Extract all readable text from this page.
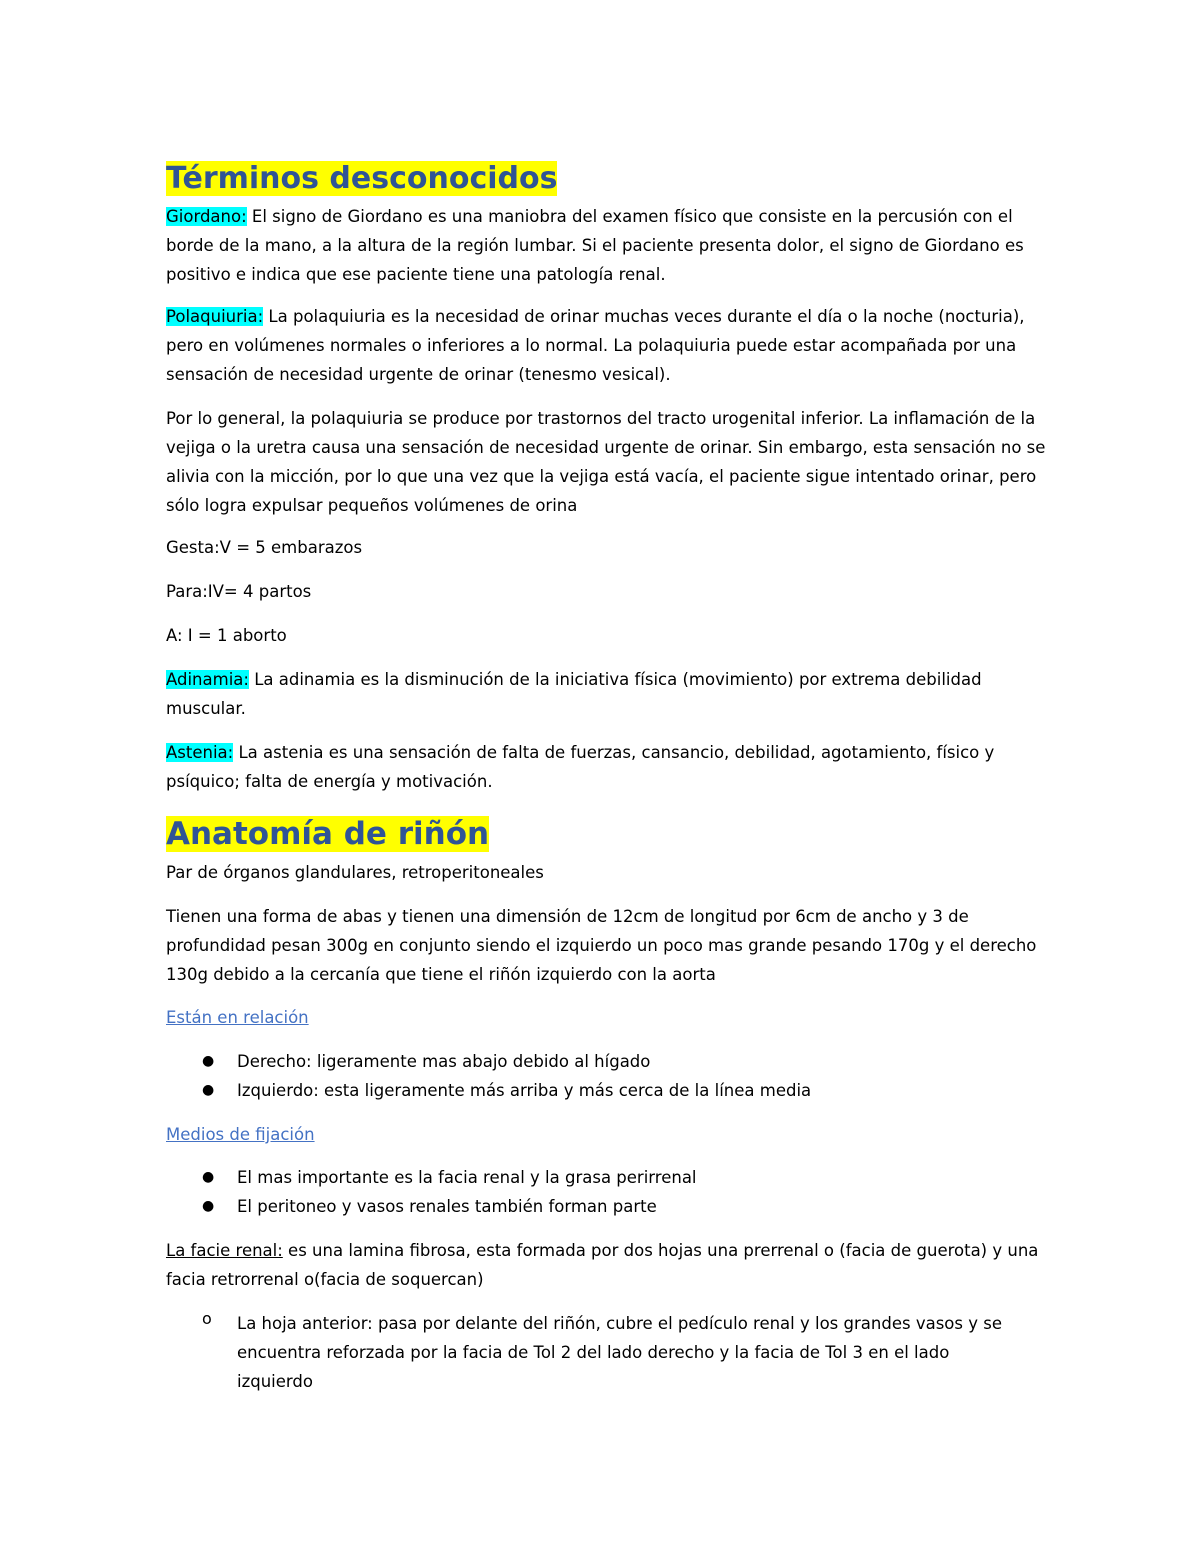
Términos desconocidos
Giordano: El signo de Giordano es una maniobra del examen físico que consiste en la percusión con el borde de la mano, a la altura de la región lumbar. Si el paciente presenta dolor, el signo de Giordano es positivo e indica que ese paciente tiene una patología renal.
Polaquiuria: La polaquiuria es la necesidad de orinar muchas veces durante el día o la noche (nocturia), pero en volúmenes normales o inferiores a lo normal. La polaquiuria puede estar acompañada por una sensación de necesidad urgente de orinar (tenesmo vesical).
Por lo general, la polaquiuria se produce por trastornos del tracto urogenital inferior. La inflamación de la vejiga o la uretra causa una sensación de necesidad urgente de orinar. Sin embargo, esta sensación no se alivia con la micción, por lo que una vez que la vejiga está vacía, el paciente sigue intentado orinar, pero sólo logra expulsar pequeños volúmenes de orina
Gesta:V = 5 embarazos
Para:IV= 4 partos
A: I = 1 aborto
Adinamia: La adinamia es la disminución de la iniciativa física (movimiento) por extrema debilidad muscular.
Astenia: La astenia es una sensación de falta de fuerzas, cansancio, debilidad, agotamiento, físico y psíquico; falta de energía y motivación.
Anatomía de riñón
Par de órganos glandulares, retroperitoneales
Tienen una forma de abas y tienen una dimensión de 12cm de longitud por 6cm de ancho y 3 de profundidad pesan 300g en conjunto siendo el izquierdo un poco mas grande pesando 170g y el derecho 130g debido a la cercanía que tiene el riñón izquierdo con la aorta
Están en relación
● Derecho: ligeramente mas abajo debido al hígado
● Izquierdo: esta ligeramente más arriba y más cerca de la línea media
Medios de fijación
● El mas importante es la facia renal y la grasa perirrenal
● El peritoneo y vasos renales también forman parte
La facie renal: es una lamina fibrosa, esta formada por dos hojas una prerrenal o (facia de guerota) y una facia retrorrenal o(facia de soquercan)
o La hoja anterior: pasa por delante del riñón, cubre el pedículo renal y los grandes vasos y se encuentra reforzada por la facia de Tol 2 del lado derecho y la facia de Tol 3 en el lado izquierdo
